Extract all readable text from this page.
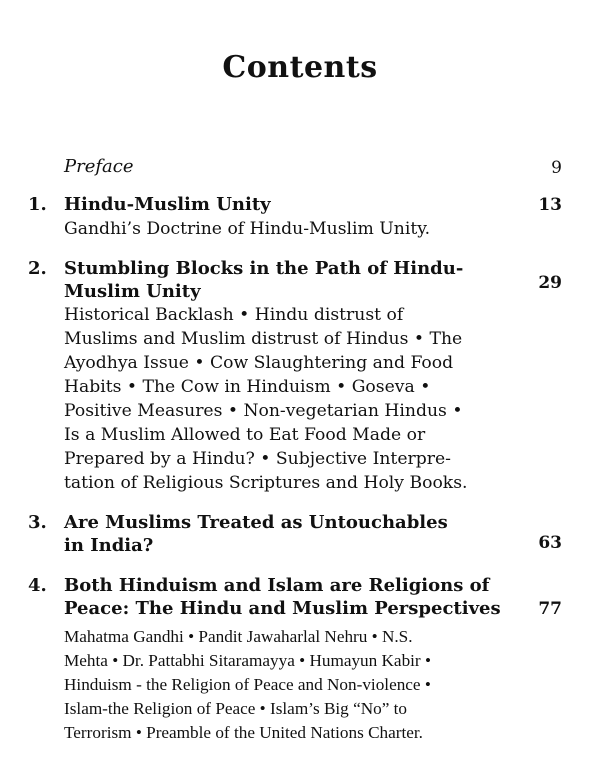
Contents
Preface	9
1. Hindu-Muslim Unity	13
Gandhi’s Doctrine of Hindu-Muslim Unity.
2. Stumbling Blocks in the Path of Hindu-
Muslim Unity	29
Historical Backlash • Hindu distrust of
Muslims and Muslim distrust of Hindus • The
Ayodhya Issue • Cow Slaughtering and Food
Habits • The Cow in Hinduism • Goseva •
Positive Measures • Non-vegetarian Hindus •
Is a Muslim Allowed to Eat Food Made or
Prepared by a Hindu? • Subjective Interpre-
tation of Religious Scriptures and Holy Books.
3. Are Muslims Treated as Untouchables
in India?	63
4. Both Hinduism and Islam are Religions of
Peace: The Hindu and Muslim Perspectives 77
Mahatma Gandhi • Pandit Jawaharlal Nehru • N.S.
Mehta • Dr. Pattabhi Sitaramayya • Humayun Kabir •
Hinduism - the Religion of Peace and Non-violence •
Islam-the Religion of Peace • Islam’s Big “No” to
Terrorism • Preamble of the United Nations Charter.
